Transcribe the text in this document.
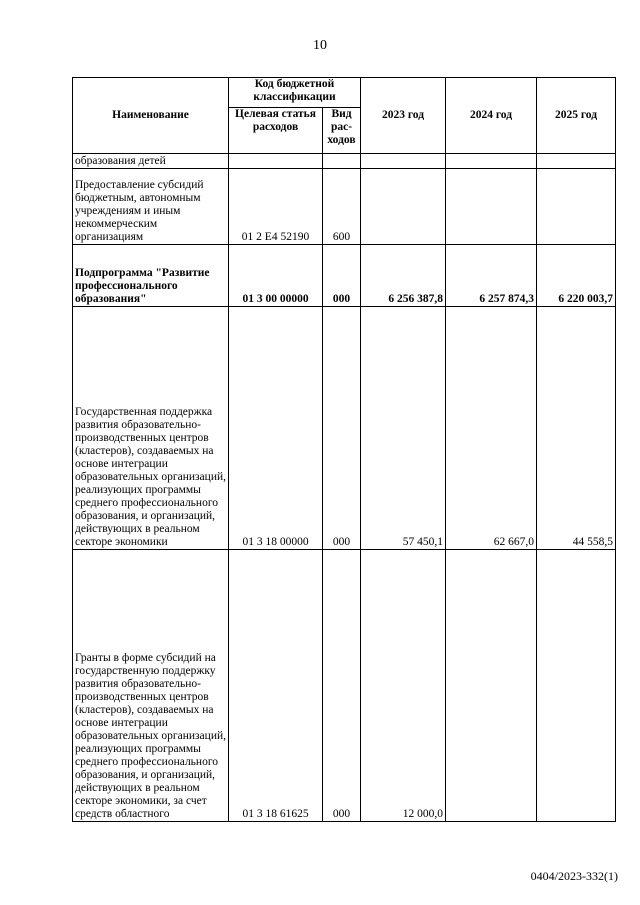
10
Наименование	Код бюджетной классификации		2023 год	2024 год	2025 год
	Целевая статья расходов	Вид рас-ходов			
образования детей					
Предоставление субсидий бюджетным, автономным учреждениям и иным некоммерческим организациям	01 2 Е4 52190	600			
Подпрограмма "Развитие профессионального образования"	01 3 00 00000	000	6 256 387,8	6 257 874,3	6 220 003,7
Государственная поддержка развития образовательно-производственных центров (кластеров), создаваемых на основе интеграции образовательных организаций, реализующих программы среднего профессионального образования, и организаций, действующих в реальном секторе экономики	01 3 18 00000	000	57 450,1	62 667,0	44 558,5
Гранты в форме субсидий на государственную поддержку развития образовательно-производственных центров (кластеров), создаваемых на основе интеграции образовательных организаций, реализующих программы среднего профессионального образования, и организаций, действующих в реальном секторе экономики, за счет средств областного	01 3 18 61625	000	12 000,0		
0404/2023-332(1)
